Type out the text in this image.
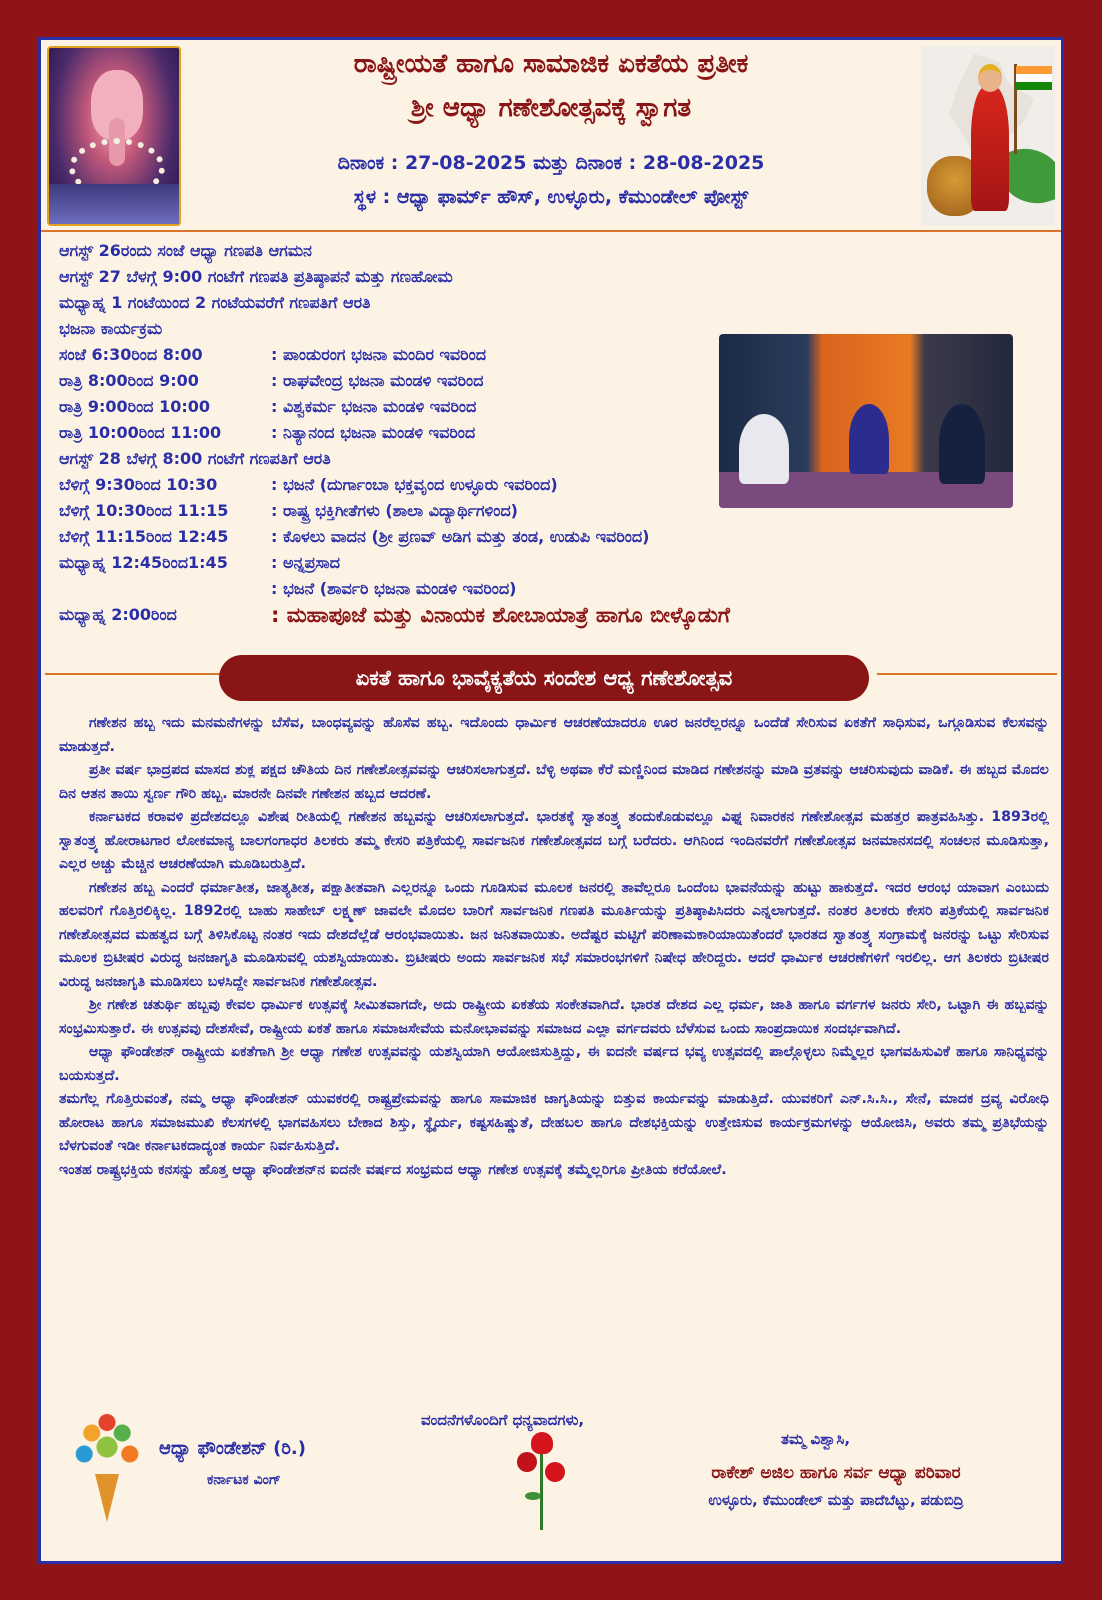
ರಾಷ್ಟ್ರೀಯತೆ ಹಾಗೂ ಸಾಮಾಜಿಕ ಏಕತೆಯ ಪ್ರತೀಕ
ಶ್ರೀ ಆಧ್ಯಾ ಗಣೇಶೋತ್ಸವಕ್ಕೆ ಸ್ವಾಗತ
ದಿನಾಂಕ : 27-08-2025 ಮತ್ತು ದಿನಾಂಕ : 28-08-2025
ಸ್ಥಳ : ಆಧ್ಯಾ ಫಾರ್ಮ್ ಹೌಸ್, ಉಳ್ಳೂರು, ಕೆಮುಂಡೇಲ್ ಪೋಸ್ಟ್
ಆಗಸ್ಟ್ 26ರಂದು ಸಂಜೆ ಆಧ್ಯಾ ಗಣಪತಿ ಆಗಮನ
ಆಗಸ್ಟ್ 27 ಬೆಳಗ್ಗೆ 9:00 ಗಂಟೆಗೆ ಗಣಪತಿ ಪ್ರತಿಷ್ಠಾಪನೆ ಮತ್ತು ಗಣಹೋಮ
ಮಧ್ಯಾಹ್ನ 1 ಗಂಟೆಯಿಂದ 2 ಗಂಟೆಯವರೆಗೆ ಗಣಪತಿಗೆ ಆರತಿ
ಭಜನಾ ಕಾರ್ಯಕ್ರಮ
ಸಂಜೆ 6:30ರಿಂದ 8:00	: ಪಾಂಡುರಂಗ ಭಜನಾ ಮಂದಿರ ಇವರಿಂದ
ರಾತ್ರಿ 8:00ರಿಂದ 9:00	: ರಾಘವೇಂದ್ರ ಭಜನಾ ಮಂಡಳಿ ಇವರಿಂದ
ರಾತ್ರಿ 9:00ರಿಂದ 10:00	: ವಿಶ್ವಕರ್ಮ ಭಜನಾ ಮಂಡಳಿ ಇವರಿಂದ
ರಾತ್ರಿ 10:00ರಿಂದ 11:00	: ನಿತ್ಯಾನಂದ ಭಜನಾ ಮಂಡಳಿ ಇವರಿಂದ
ಆಗಸ್ಟ್ 28 ಬೆಳಗ್ಗೆ 8:00 ಗಂಟೆಗೆ ಗಣಪತಿಗೆ ಆರತಿ
ಬೆಳಿಗ್ಗೆ 9:30ರಿಂದ 10:30	: ಭಜನೆ (ದುರ್ಗಾಂಬಾ ಭಕ್ತವೃಂದ ಉಳ್ಳೂರು ಇವರಿಂದ)
ಬೆಳಿಗ್ಗೆ 10:30ರಿಂದ 11:15	: ರಾಷ್ಟ್ರ ಭಕ್ತಿಗೀತೆಗಳು (ಶಾಲಾ ವಿದ್ಯಾರ್ಥಿಗಳಿಂದ)
ಬೆಳಿಗ್ಗೆ 11:15ರಿಂದ 12:45	: ಕೊಳಲು ವಾದನ (ಶ್ರೀ ಪ್ರಣವ್ ಅಡಿಗ ಮತ್ತು ತಂಡ, ಉಡುಪಿ ಇವರಿಂದ)
ಮಧ್ಯಾಹ್ನ 12:45ರಿಂದ1:45	: ಅನ್ನಪ್ರಸಾದ
: ಭಜನೆ (ಶಾರ್ವರಿ ಭಜನಾ ಮಂಡಳಿ ಇವರಿಂದ)
ಮಧ್ಯಾಹ್ನ 2:00ರಿಂದ	: ಮಹಾಪೂಜೆ ಮತ್ತು ವಿನಾಯಕ ಶೋಬಾಯಾತ್ರೆ ಹಾಗೂ ಬೀಳ್ಕೊಡುಗೆ
ಏಕತೆ ಹಾಗೂ ಭಾವೈಕ್ಯತೆಯ ಸಂದೇಶ ಆಧ್ಯ ಗಣೇಶೋತ್ಸವ

ಗಣೇಶನ ಹಬ್ಬ ಇದು ಮನಮನೆಗಳನ್ನು ಬೆಸೆವ, ಬಾಂಧವ್ಯವನ್ನು ಹೊಸೆವ ಹಬ್ಬ. ಇದೊಂದು ಧಾರ್ಮಿಕ ಆಚರಣೆಯಾದರೂ ಊರ ಜನರೆಲ್ಲರನ್ನೂ ಒಂದೆಡೆ ಸೇರಿಸುವ ಏಕತೆಗೆ ಸಾಧಿಸುವ, ಒಗ್ಗೂಡಿಸುವ ಕೆಲಸವನ್ನು ಮಾಡುತ್ತದೆ.

ಪ್ರತೀ ವರ್ಷ ಭಾದ್ರಪದ ಮಾಸದ ಶುಕ್ಲ ಪಕ್ಷದ ಚೌತಿಯ ದಿನ ಗಣೇಶೋತ್ಸವವನ್ನು ಆಚರಿಸಲಾಗುತ್ತದೆ. ಬೆಳ್ಳಿ ಅಥವಾ ಕೆರೆ ಮಣ್ಣಿನಿಂದ ಮಾಡಿದ ಗಣೇಶನನ್ನು ಮಾಡಿ ವ್ರತವನ್ನು ಆಚರಿಸುವುದು ವಾಡಿಕೆ. ಈ ಹಬ್ಬದ ಮೊದಲ ದಿನ ಆತನ ತಾಯಿ ಸ್ವರ್ಣ ಗೌರಿ ಹಬ್ಬ. ಮಾರನೇ ದಿನವೇ ಗಣೇಶನ ಹಬ್ಬದ ಆದರಣೆ.

ಕರ್ನಾಟಕದ ಕರಾವಳಿ ಪ್ರದೇಶದಲ್ಲೂ ವಿಶೇಷ ರೀತಿಯಲ್ಲಿ ಗಣೇಶನ ಹಬ್ಬವನ್ನು ಆಚರಿಸಲಾಗುತ್ತದೆ. ಭಾರತಕ್ಕೆ ಸ್ವಾತಂತ್ರ್ಯ ತಂದುಕೊಡುವಲ್ಲೂ ವಿಘ್ನ ನಿವಾರಕನ ಗಣೇಶೋತ್ಸವ ಮಹತ್ತರ ಪಾತ್ರವಹಿಸಿತ್ತು. 1893ರಲ್ಲಿ ಸ್ವಾತಂತ್ರ್ಯ ಹೋರಾಟಗಾರ ಲೋಕಮಾನ್ಯ ಬಾಲಗಂಗಾಧರ ತಿಲಕರು ತಮ್ಮ ಕೇಸರಿ ಪತ್ರಿಕೆಯಲ್ಲಿ ಸಾರ್ವಜನಿಕ ಗಣೇಶೋತ್ಸವದ ಬಗ್ಗೆ ಬರೆದರು. ಆಗಿನಿಂದ ಇಂದಿನವರೆಗೆ ಗಣೇಶೋತ್ಸವ ಜನಮಾನಸದಲ್ಲಿ ಸಂಚಲನ ಮೂಡಿಸುತ್ತಾ, ಎಲ್ಲರ ಅಚ್ಚು ಮೆಚ್ಚಿನ ಆಚರಣೆಯಾಗಿ ಮೂಡಿಬರುತ್ತಿದೆ.

ಗಣೇಶನ ಹಬ್ಬ ಎಂದರೆ ಧರ್ಮಾತೀತ, ಜಾತ್ಯತೀತ, ಪಕ್ಷಾತೀತವಾಗಿ ಎಲ್ಲರನ್ನೂ ಒಂದು ಗೂಡಿಸುವ ಮೂಲಕ ಜನರಲ್ಲಿ ತಾವೆಲ್ಲರೂ ಒಂದೆಂಬ ಭಾವನೆಯನ್ನು ಹುಟ್ಟು ಹಾಕುತ್ತದೆ. ಇದರ ಆರಂಭ ಯಾವಾಗ ಎಂಬುದು ಹಲವರಿಗೆ ಗೊತ್ತಿರಲಿಕ್ಕಿಲ್ಲ. 1892ರಲ್ಲಿ ಬಾಹು ಸಾಹೇಬ್ ಲಕ್ಷ್ಮಣ್ ಜಾವಲೇ ಮೊದಲ ಬಾರಿಗೆ ಸಾರ್ವಜನಿಕ ಗಣಪತಿ ಮೂರ್ತಿಯನ್ನು ಪ್ರತಿಷ್ಠಾಪಿಸಿದರು ಎನ್ನಲಾಗುತ್ತದೆ. ನಂತರ ತಿಲಕರು ಕೇಸರಿ ಪತ್ರಿಕೆಯಲ್ಲಿ ಸಾರ್ವಜನಿಕ ಗಣೇಶೋತ್ಸವದ ಮಹತ್ವದ ಬಗ್ಗೆ ತಿಳಿಸಿಕೊಟ್ಟ ನಂತರ ಇದು ದೇಶದೆಲ್ಲೆಡೆ ಆರಂಭವಾಯಿತು. ಜನ ಜನಿತವಾಯಿತು. ಅದೆಷ್ಟರ ಮಟ್ಟಿಗೆ ಪರಿಣಾಮಕಾರಿಯಾಯಿತೆಂದರೆ ಭಾರತದ ಸ್ವಾತಂತ್ರ್ಯ ಸಂಗ್ರಾಮಕ್ಕೆ ಜನರನ್ನು ಒಟ್ಟು ಸೇರಿಸುವ ಮೂಲಕ ಬ್ರಿಟೀಷರ ವಿರುದ್ಧ ಜನಜಾಗೃತಿ ಮೂಡಿಸುವಲ್ಲಿ ಯಶಸ್ವಿಯಾಯಿತು. ಬ್ರಿಟೀಷರು ಅಂದು ಸಾರ್ವಜನಿಕ ಸಭೆ ಸಮಾರಂಭಗಳಿಗೆ ನಿಷೇಧ ಹೇರಿದ್ದರು. ಆದರೆ ಧಾರ್ಮಿಕ ಆಚರಣೆಗಳಿಗೆ ಇರಲಿಲ್ಲ. ಆಗ ತಿಲಕರು ಬ್ರಿಟೀಷರ ವಿರುದ್ಧ ಜನಜಾಗೃತಿ ಮೂಡಿಸಲು ಬಳಸಿದ್ದೇ ಸಾರ್ವಜನಿಕ ಗಣೇಶೋತ್ಸವ.

ಶ್ರೀ ಗಣೇಶ ಚತುರ್ಥಿ ಹಬ್ಬವು ಕೇವಲ ಧಾರ್ಮಿಕ ಉತ್ಸವಕ್ಕೆ ಸೀಮಿತವಾಗದೇ, ಅದು ರಾಷ್ಟ್ರೀಯ ಏಕತೆಯ ಸಂಕೇತವಾಗಿದೆ. ಭಾರತ ದೇಶದ ಎಲ್ಲ ಧರ್ಮ, ಜಾತಿ ಹಾಗೂ ವರ್ಗಗಳ ಜನರು ಸೇರಿ, ಒಟ್ಟಾಗಿ ಈ ಹಬ್ಬವನ್ನು ಸಂಭ್ರಮಿಸುತ್ತಾರೆ. ಈ ಉತ್ಸವವು ದೇಶಸೇವೆ, ರಾಷ್ಟ್ರೀಯ ಏಕತೆ ಹಾಗೂ ಸಮಾಜಸೇವೆಯ ಮನೋಭಾವವನ್ನು ಸಮಾಜದ ಎಲ್ಲಾ ವರ್ಗದವರು ಬೆಳೆಸುವ ಒಂದು ಸಾಂಪ್ರದಾಯಿಕ ಸಂದರ್ಭವಾಗಿದೆ.

ಆಧ್ಯಾ ಫೌಂಡೇಶನ್ ರಾಷ್ಟ್ರೀಯ ಏಕತೆಗಾಗಿ ಶ್ರೀ ಆಧ್ಯಾ ಗಣೇಶ ಉತ್ಸವವನ್ನು ಯಶಸ್ವಿಯಾಗಿ ಆಯೋಜಿಸುತ್ತಿದ್ದು, ಈ ಐದನೇ ವರ್ಷದ ಭವ್ಯ ಉತ್ಸವದಲ್ಲಿ ಪಾಲ್ಗೊಳ್ಳಲು ನಿಮ್ಮೆಲ್ಲರ ಭಾಗವಹಿಸುವಿಕೆ ಹಾಗೂ ಸಾನಿಧ್ಯವನ್ನು ಬಯಸುತ್ತದೆ.

ತಮಗೆಲ್ಲ ಗೊತ್ತಿರುವಂತೆ, ನಮ್ಮ ಆಧ್ಯಾ ಫೌಂಡೇಶನ್ ಯುವಕರಲ್ಲಿ ರಾಷ್ಟ್ರಪ್ರೇಮವನ್ನು ಹಾಗೂ ಸಾಮಾಜಿಕ ಜಾಗೃತಿಯನ್ನು ಬಿತ್ತುವ ಕಾರ್ಯವನ್ನು ಮಾಡುತ್ತಿದೆ. ಯುವಕರಿಗೆ ಎನ್.ಸಿ.ಸಿ., ಸೇನೆ, ಮಾದಕ ದ್ರವ್ಯ ವಿರೋಧಿ ಹೋರಾಟ ಹಾಗೂ ಸಮಾಜಮುಖಿ ಕೆಲಸಗಳಲ್ಲಿ ಭಾಗವಹಿಸಲು ಬೇಕಾದ ಶಿಸ್ತು, ಸ್ಥೈರ್ಯ, ಕಷ್ಟಸಹಿಷ್ಣುತೆ, ದೇಹಬಲ ಹಾಗೂ ದೇಶಭಕ್ತಿಯನ್ನು ಉತ್ತೇಜಿಸುವ ಕಾರ್ಯಕ್ರಮಗಳನ್ನು ಆಯೋಜಿಸಿ, ಅವರು ತಮ್ಮ ಪ್ರತಿಭೆಯನ್ನು ಬೆಳಗುವಂತೆ ಇಡೀ ಕರ್ನಾಟಕದಾದ್ಯಂತ ಕಾರ್ಯ ನಿರ್ವಹಿಸುತ್ತಿದೆ.

ಇಂತಹ ರಾಷ್ಟ್ರಭಕ್ತಿಯ ಕನಸನ್ನು ಹೊತ್ತ ಆಧ್ಯಾ ಫೌಂಡೇಶನ್‌ನ ಐದನೇ ವರ್ಷದ ಸಂಭ್ರಮದ ಆಧ್ಯಾ ಗಣೇಶ ಉತ್ಸವಕ್ಕೆ ತಮ್ಮೆಲ್ಲರಿಗೂ ಪ್ರೀತಿಯ ಕರೆಯೋಲೆ.

ವಂದನೆಗಳೊಂದಿಗೆ ಧನ್ಯವಾದಗಳು,
ತಮ್ಮ ವಿಶ್ವಾಸಿ,
ರಾಕೇಶ್ ಅಜಿಲ ಹಾಗೂ ಸರ್ವ ಆಧ್ಯಾ ಪರಿವಾರ
ಉಳ್ಳೂರು, ಕೆಮುಂಡೇಲ್ ಮತ್ತು ಪಾದೆಬೆಟ್ಟು, ಪಡುಬಿದ್ರಿ
ಆಧ್ಯಾ ಫೌಂಡೇಶನ್ (ರಿ.)
ಕರ್ನಾಟಕ ವಿಂಗ್
